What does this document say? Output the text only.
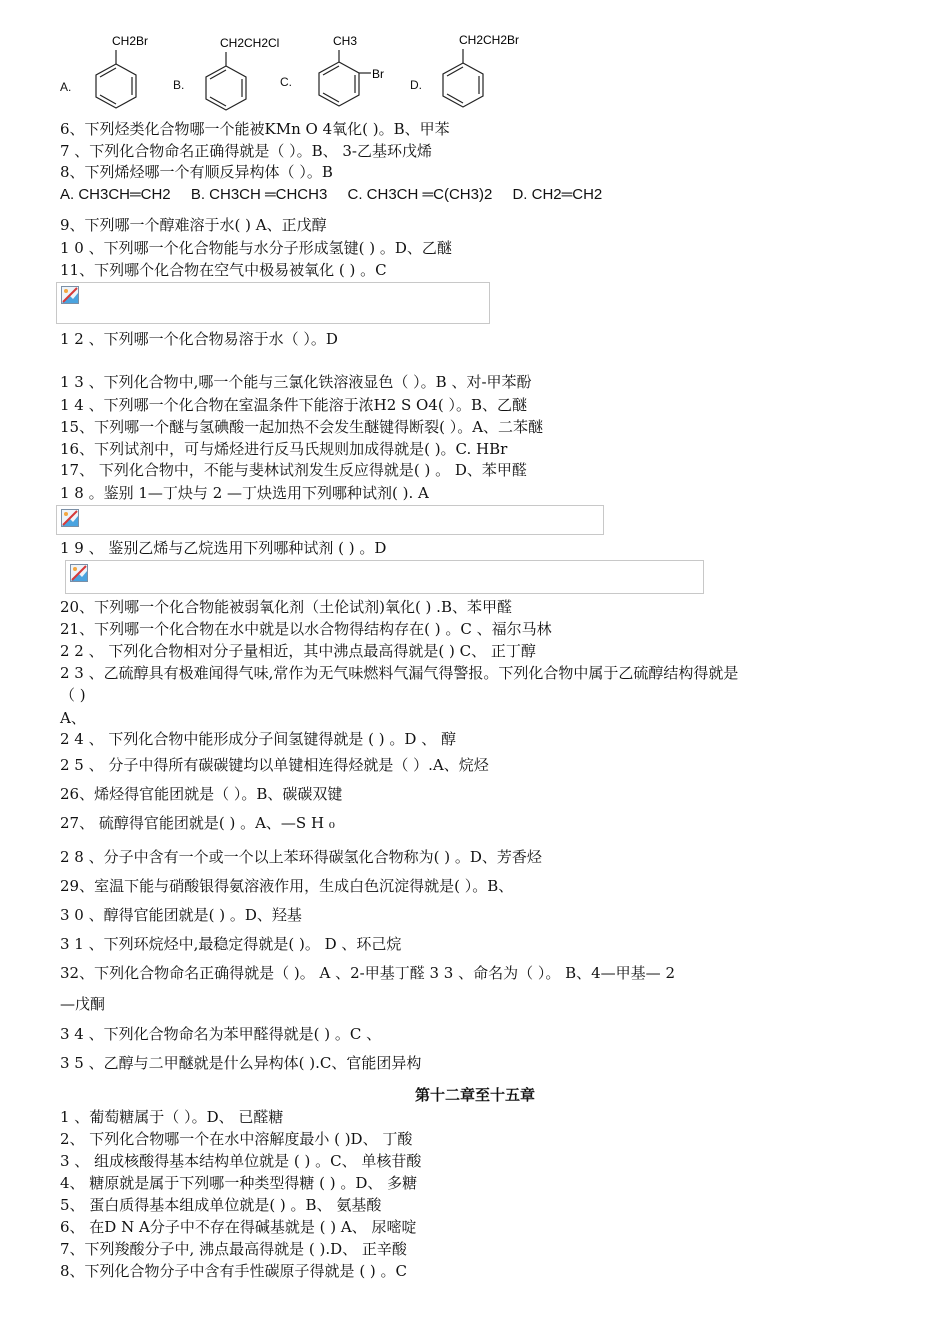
A.
CH2Br
B.
CH2CH2Cl
C.
CH3
Br
D.
CH2CH2Br
6、下列烃类化合物哪一个能被KMn O 4氧化( )。B、甲苯
7 、下列化合物命名正确得就是（ ）。B、 3-乙基环戊烯
8、下列烯烃哪一个有顺反异构体（ ）。B
A. CH3CH═CH2 B. CH3CH ═CHCH3 C. CH3CH ═C(CH3)2 D. CH2═CH2
9、下列哪一个醇难溶于水( ) A、正戊醇
1 0 、下列哪一个化合物能与水分子形成氢键( ) 。D、乙醚
11、下列哪个化合物在空气中极易被氧化 ( ) 。C
1 2 、下列哪一个化合物易溶于水（ ）。D
1 3 、下列化合物中,哪一个能与三氯化铁溶液显色（ ）。B 、对-甲苯酚
1 4 、下列哪一个化合物在室温条件下能溶于浓H2 S O4( ）。B、乙醚
15、下列哪一个醚与氢碘酸一起加热不会发生醚键得断裂( ）。A、二苯醚
16、下列试剂中，可与烯烃进行反马氏规则加成得就是( )。C. HBr
17、 下列化合物中，不能与斐林试剂发生反应得就是( ) 。 D、苯甲醛
1 8 。鉴别 1—丁炔与 2 —丁炔选用下列哪种试剂( ). A
1 9 、 鉴别乙烯与乙烷选用下列哪种试剂 ( ) 。D
20、下列哪一个化合物能被弱氧化剂（土伦试剂)氧化( ) .B、苯甲醛
21、下列哪一个化合物在水中就是以水合物得结构存在( ) 。C 、福尔马林
2 2 、 下列化合物相对分子量相近，其中沸点最高得就是( ) C、 正丁醇
2 3 、乙硫醇具有极难闻得气味,常作为无气味燃料气漏气得警报。下列化合物中属于乙硫醇结构得就是
（ )
A、
2 4 、 下列化合物中能形成分子间氢键得就是 ( ) 。D 、 醇
2 5 、 分子中得所有碳碳键均以单键相连得烃就是（ ）.A、烷烃
26、烯烃得官能团就是（ ）。B、碳碳双键
27、 硫醇得官能团就是( ) 。A、—S H ₀
2 8 、分子中含有一个或一个以上苯环得碳氢化合物称为( ) 。D、芳香烃
29、室温下能与硝酸银得氨溶液作用，生成白色沉淀得就是( ）。B、
3 0 、醇得官能团就是( ) 。D、羟基
3 1 、下列环烷烃中,最稳定得就是( )。 D 、环己烷
32、下列化合物命名正确得就是（ )。 A 、2-甲基丁醛 3 3 、命名为（ ）。 B、4—甲基— 2
—戊酮
3 4 、下列化合物命名为苯甲醛得就是( ) 。C 、
3 5 、乙醇与二甲醚就是什么异构体( ).C、官能团异构
第十二章至十五章
1 、葡萄糖属于（ ）。D、 已醛糖
2、 下列化合物哪一个在水中溶解度最小 ( )D、 丁酸
3 、 组成核酸得基本结构单位就是 ( ) 。C、 单核苷酸
4、 糖原就是属于下列哪一种类型得糖 ( ) 。D、 多糖
5、 蛋白质得基本组成单位就是( ) 。B、 氨基酸
6、 在D N A分子中不存在得碱基就是 ( ) A、 尿嘧啶
7、下列羧酸分子中, 沸点最高得就是 ( ).D、 正辛酸
8、下列化合物分子中含有手性碳原子得就是 ( ) 。C
